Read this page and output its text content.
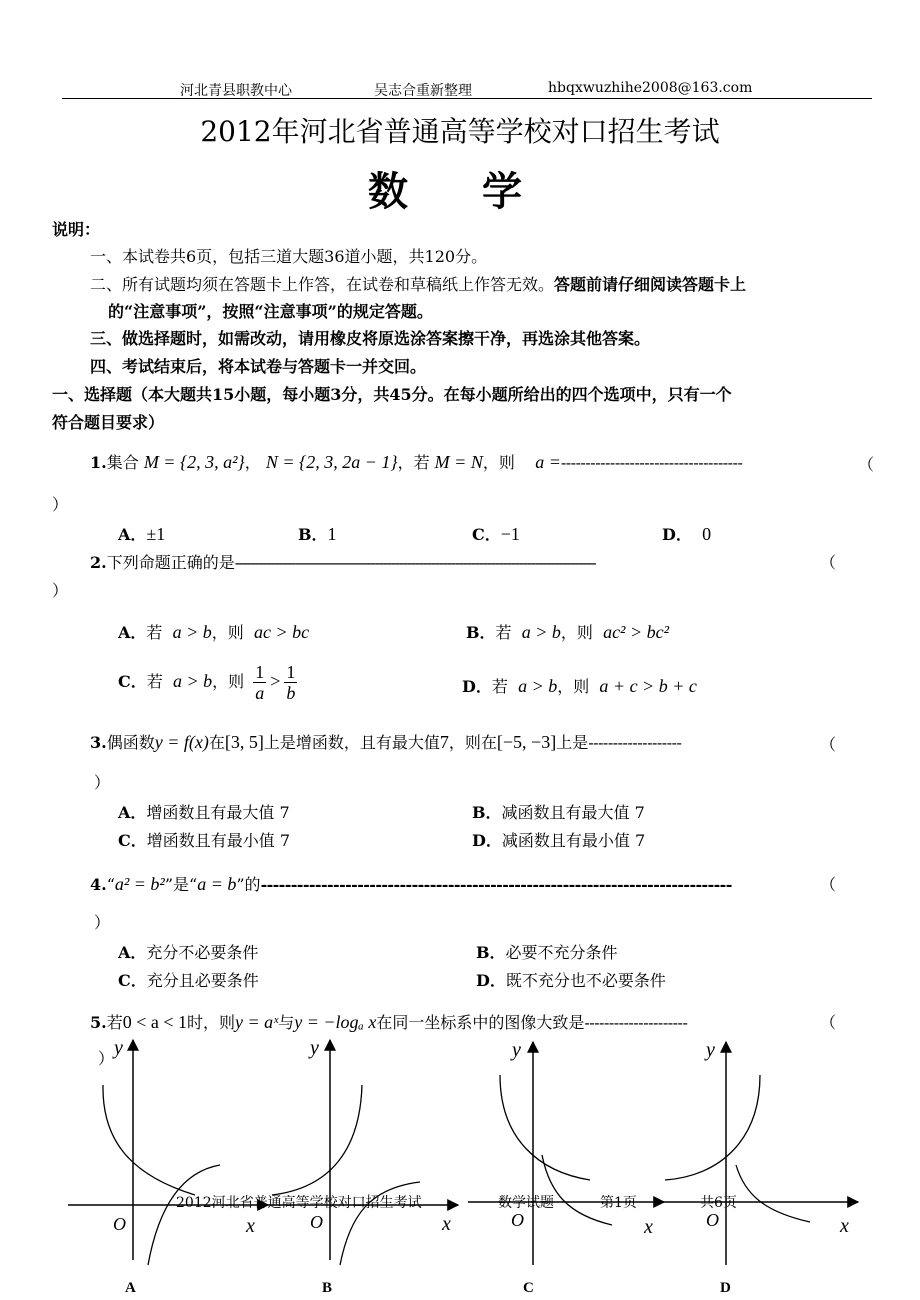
河北青县职教中心	吴志合重新整理	hbqxwuzhihe2008@163.com
2012年河北省普通高等学校对口招生考试
数 学
说明：
一、本试卷共6页，包括三道大题36道小题，共120分。
二、所有试题均须在答题卡上作答，在试卷和草稿纸上作答无效。答题前请仔细阅读答题卡上
的“注意事项”，按照“注意事项”的规定答题。
三、做选择题时，如需改动，请用橡皮将原选涂答案擦干净，再选涂其他答案。
四、考试结束后，将本试卷与答题卡一并交回。
一、选择题（本大题共15小题，每小题3分，共45分。在每小题所给出的四个选项中，只有一个
符合题目要求）
1.集合 M = {2, 3, a²}， N = {2, 3, 2a − 1}，若 M = N，则 a =-------------------------------------	（
）
A．±1	B．1	C．−1	D． 0
2.下列命题正确的是------------------------------------------------------------------------------------------	（
）
A．若 a > b，则 ac > bc	B．若 a > b，则 ac² > bc²
C．若 a > b，则 $\frac{1}{a} > \frac{1}{b}$	D．若 a > b，则 a + c > b + c
3.偶函数y = f(x)在[3, 5]上是增函数，且有最大值7，则在[−5, −3]上是-------------------	（
）
A．增函数且有最大值 7	B．减函数且有最大值 7
C．增函数且有最小值 7	D．减函数且有最小值 7
4.“a² = b²”是“a = b”的------------------------------------------------------------------------------	（
）
A．充分不必要条件	B．必要不充分条件
C．充分且必要条件	D．既不充分也不必要条件
5.若0 < a < 1时，则y = aˣ与y = −logₐ x在同一坐标系中的图像大致是---------------------	（
） y
O	x
A
y
O	x
B
y
O	x
C
y
O	x
D
2012河北省普通高等学校对口招生考试	数学试题	第1页	共6页
